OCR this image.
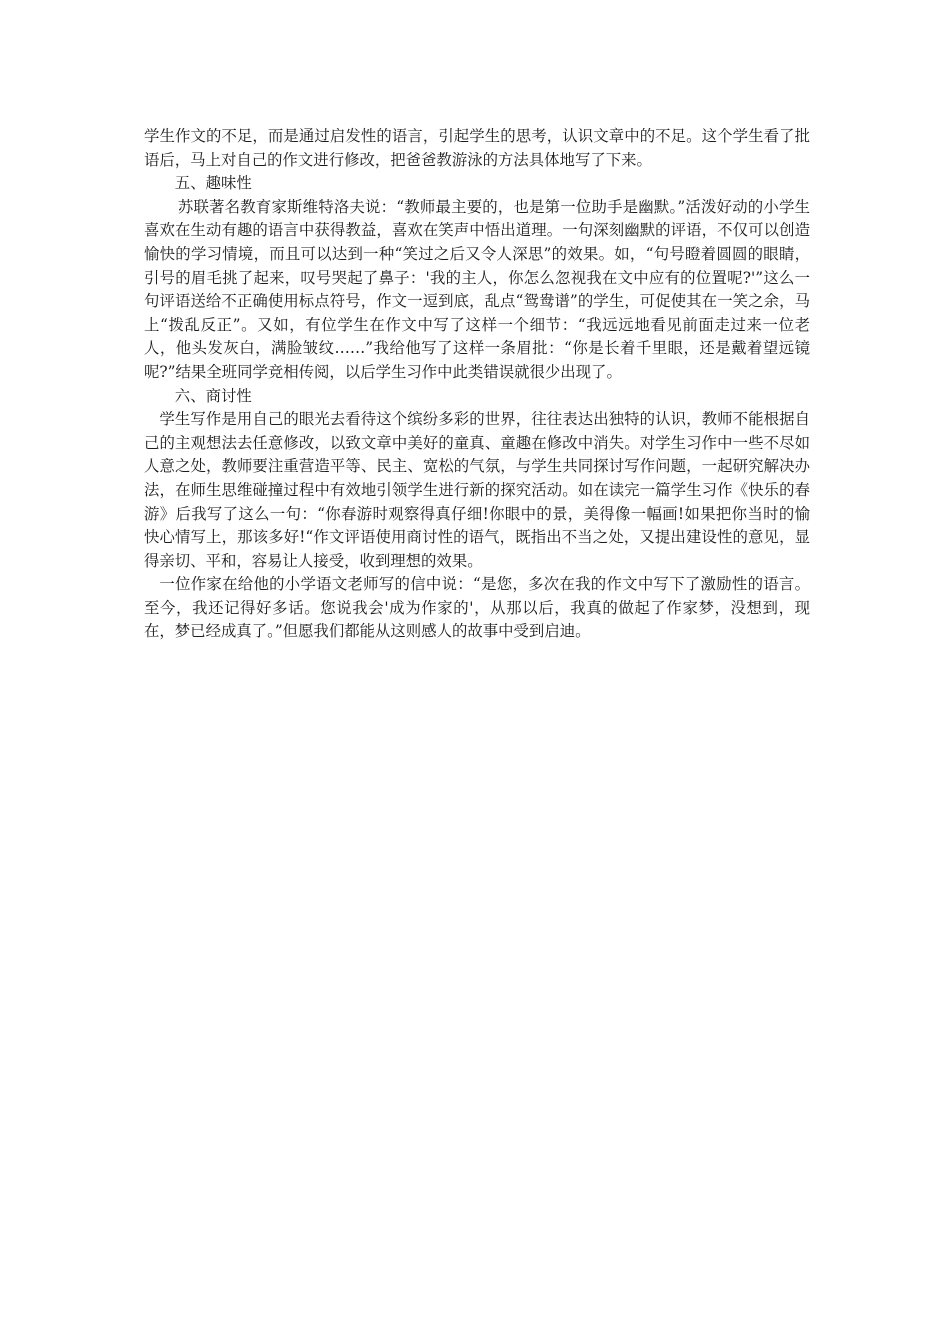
学生作文的不足，而是通过启发性的语言，引起学生的思考，认识文章中的不足。这个学生看了批语后，马上对自己的作文进行修改，把爸爸教游泳的方法具体地写了下来。

五、趣味性

苏联著名教育家斯维特洛夫说：“教师最主要的，也是第一位助手是幽默。”活泼好动的小学生喜欢在生动有趣的语言中获得教益，喜欢在笑声中悟出道理。一句深刻幽默的评语，不仅可以创造愉快的学习情境，而且可以达到一种“笑过之后又令人深思”的效果。如，“句号瞪着圆圆的眼睛，引号的眉毛挑了起来，叹号哭起了鼻子：'我的主人，你怎么忽视我在文中应有的位置呢?'”这么一句评语送给不正确使用标点符号，作文一逗到底，乱点“鸳鸯谱”的学生，可促使其在一笑之余，马上“拨乱反正”。又如，有位学生在作文中写了这样一个细节：“我远远地看见前面走过来一位老人，他头发灰白，满脸皱纹……”我给他写了这样一条眉批：“你是长着千里眼，还是戴着望远镜呢?”结果全班同学竞相传阅，以后学生习作中此类错误就很少出现了。

六、商讨性

学生写作是用自己的眼光去看待这个缤纷多彩的世界，往往表达出独特的认识，教师不能根据自己的主观想法去任意修改，以致文章中美好的童真、童趣在修改中消失。对学生习作中一些不尽如人意之处，教师要注重营造平等、民主、宽松的气氛，与学生共同探讨写作问题，一起研究解决办法，在师生思维碰撞过程中有效地引领学生进行新的探究活动。如在读完一篇学生习作《快乐的春游》后我写了这么一句：“你春游时观察得真仔细!你眼中的景，美得像一幅画!如果把你当时的愉快心情写上，那该多好!“作文评语使用商讨性的语气，既指出不当之处，又提出建设性的意见，显得亲切、平和，容易让人接受，收到理想的效果。

一位作家在给他的小学语文老师写的信中说：“是您，多次在我的作文中写下了激励性的语言。至今，我还记得好多话。您说我会'成为作家的'，从那以后，我真的做起了作家梦，没想到，现在，梦已经成真了。”但愿我们都能从这则感人的故事中受到启迪。
